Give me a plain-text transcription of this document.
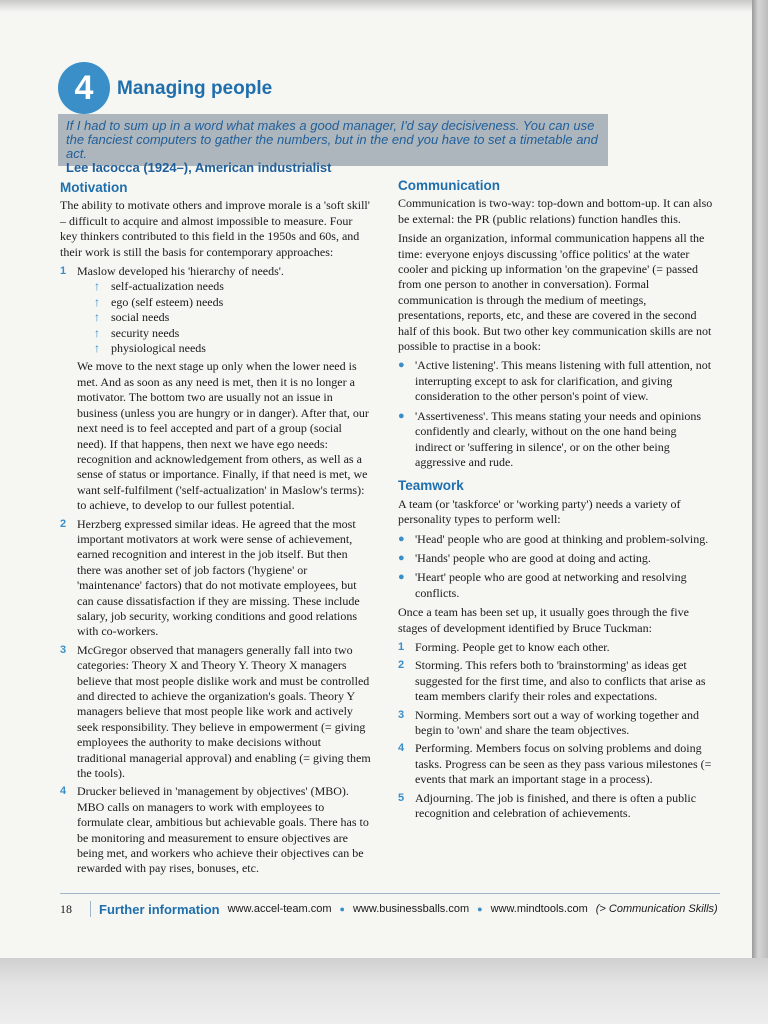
4 Managing people
If I had to sum up in a word what makes a good manager, I'd say decisiveness. You can use the fanciest computers to gather the numbers, but in the end you have to set a timetable and act.
Lee Iacocca (1924–), American industrialist
Motivation

The ability to motivate others and improve morale is a 'soft skill' – difficult to acquire and almost impossible to measure. Four key thinkers contributed to this field in the 1950s and 60s, and their work is still the basis for contemporary approaches:

1 Maslow developed his 'hierarchy of needs'.
↑ self-actualization needs
↑ ego (self esteem) needs
↑ social needs
↑ security needs
↑ physiological needs
We move to the next stage up only when the lower need is met. And as soon as any need is met, then it is no longer a motivator. The bottom two are usually not an issue in business (unless you are hungry or in danger). After that, our next need is to feel accepted and part of a group (social need). If that happens, then next we have ego needs: recognition and acknowledgement from others, as well as a sense of status or importance. Finally, if that need is met, we want self-fulfilment ('self-actualization' in Maslow's terms): to achieve, to develop to our fullest potential.
2 Herzberg expressed similar ideas. He agreed that the most important motivators at work were sense of achievement, earned recognition and interest in the job itself. But then there was another set of job factors ('hygiene' or 'maintenance' factors) that do not motivate employees, but can cause dissatisfaction if they are missing. These include salary, job security, working conditions and good relations with co-workers.
3 McGregor observed that managers generally fall into two categories: Theory X and Theory Y. Theory X managers believe that most people dislike work and must be controlled and directed to achieve the organization's goals. Theory Y managers believe that most people like work and actively seek responsibility. They believe in empowerment (= giving employees the authority to make decisions without traditional managerial approval) and enabling (= giving them the tools).
4 Drucker believed in 'management by objectives' (MBO). MBO calls on managers to work with employees to formulate clear, ambitious but achievable goals. There has to be monitoring and measurement to ensure objectives are being met, and workers who achieve their objectives can be rewarded with pay rises, bonuses, etc.
Communication

Communication is two-way: top-down and bottom-up. It can also be external: the PR (public relations) function handles this.

Inside an organization, informal communication happens all the time: everyone enjoys discussing 'office politics' at the water cooler and picking up information 'on the grapevine' (= passed from one person to another in conversation). Formal communication is through the medium of meetings, presentations, reports, etc, and these are covered in the second half of this book. But two other key communication skills are not possible to practise in a book:

● 'Active listening'. This means listening with full attention, not interrupting except to ask for clarification, and giving consideration to the other person's point of view.
● 'Assertiveness'. This means stating your needs and opinions confidently and clearly, without on the one hand being indirect or 'suffering in silence', or on the other being aggressive and rude.
Teamwork

A team (or 'taskforce' or 'working party') needs a variety of personality types to perform well:

● 'Head' people who are good at thinking and problem-solving.
● 'Hands' people who are good at doing and acting.
● 'Heart' people who are good at networking and resolving conflicts.

Once a team has been set up, it usually goes through the five stages of development identified by Bruce Tuckman:

1 Forming. People get to know each other.
2 Storming. This refers both to 'brainstorming' as ideas get suggested for the first time, and also to conflicts that arise as team members clarify their roles and expectations.
3 Norming. Members sort out a way of working together and begin to 'own' and share the team objectives.
4 Performing. Members focus on solving problems and doing tasks. Progress can be seen as they pass various milestones (= events that mark an important stage in a process).
5 Adjourning. The job is finished, and there is often a public recognition and celebration of achievements.
18	Further information www.accel-team.com ● www.businessballs.com ● www.mindtools.com (> Communication Skills)
